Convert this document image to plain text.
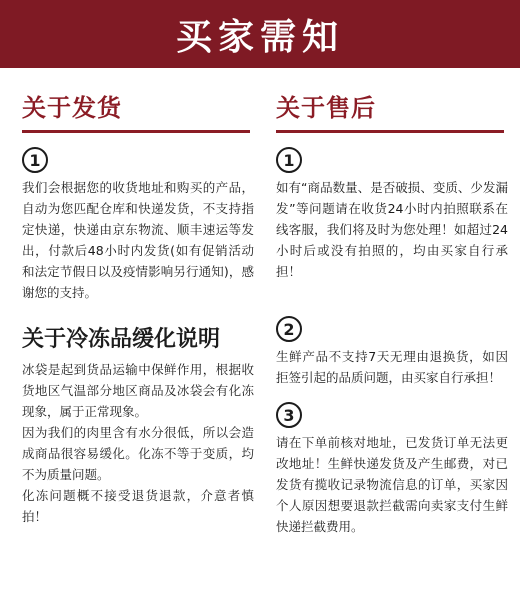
买家需知
关于发货
1

我们会根据您的收货地址和购买的产品，自动为您匹配仓库和快递发货，不支持指定快递，快递由京东物流、顺丰速运等发出，付款后48小时内发货(如有促销活动和法定节假日以及疫情影响另行通知)，感谢您的支持。

关于冷冻品缓化说明

冰袋是起到货品运输中保鲜作用，根据收货地区气温部分地区商品及冰袋会有化冻现象，属于正常现象。

因为我们的肉里含有水分很低，所以会造成商品很容易缓化。化冻不等于变质，均不为质量问题。

化冻问题概不接受退货退款，介意者慎拍！

关于售后
1

如有“商品数量、是否破损、变质、少发漏发”等问题请在收货24小时内拍照联系在线客服，我们将及时为您处理！如超过24小时后或没有拍照的，均由买家自行承担！

2

生鲜产品不支持7天无理由退换货，如因拒签引起的品质问题，由买家自行承担！

3

请在下单前核对地址，已发货订单无法更改地址！生鲜快递发货及产生邮费，对已发货有揽收记录物流信息的订单，买家因个人原因想要退款拦截需向卖家支付生鲜快递拦截费用。
